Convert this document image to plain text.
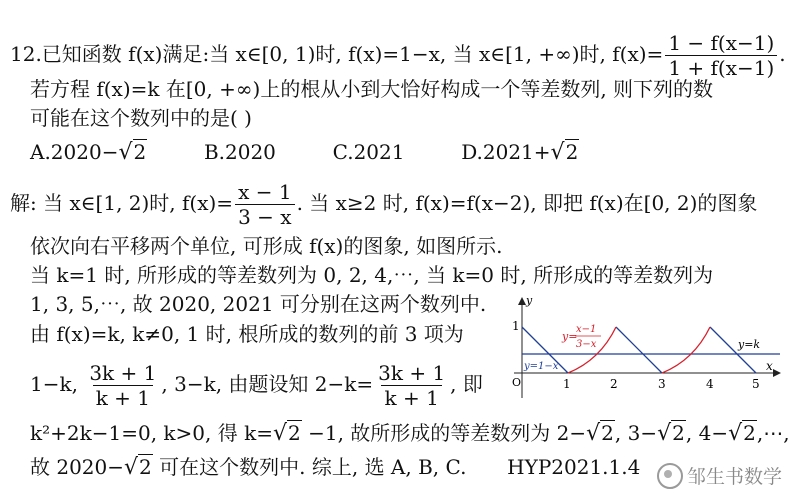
12.已知函数 f(x)满足:当 x∈[0, 1)时, f(x)=1−x, 当 x∈[1, +∞)时, $f(x)= \frac{1 - f(x-1)}{1 + f(x-1)}$ .
若方程 f(x)=k 在[0, +∞)上的根从小到大恰好构成一个等差数列, 则下列的数
可能在这个数列中的是( )
A.2020−√2	B.2020	C.2021	D.2021+√2
解: 当 x∈[1, 2)时, $f(x)= \frac{x - 1}{3 - x}$ . 当 x≥2 时, f(x)=f(x−2), 即把 f(x)在[0, 2)的图象
依次向右平移两个单位, 可形成 f(x)的图象, 如图所示.
当 k=1 时, 所形成的等差数列为 0, 2, 4,⋯, 当 k=0 时, 所形成的等差数列为
1, 3, 5,⋯, 故 2020, 2021 可分别在这两个数列中.
由 f(x)=k, k≠0, 1 时, 根所成的数列的前 3 项为
1−k, $\frac{3k + 1}{k + 1}$ , 3−k, 由题设知 $2-k= \frac{3k + 1}{k + 1}$ , 即
k²+2k−1=0, k>0, 得 k=√2 −1, 故所形成的等差数列为 2−√2, 3−√2, 4−√2,⋯,
故 2020−√2 可在这个数列中. 综上, 选 A, B, C. HYP2021.1.4
y
x
1
O	1	2	3	4	5
y=k
y=1−x
y=
x−1
3−x
邹生书数学
